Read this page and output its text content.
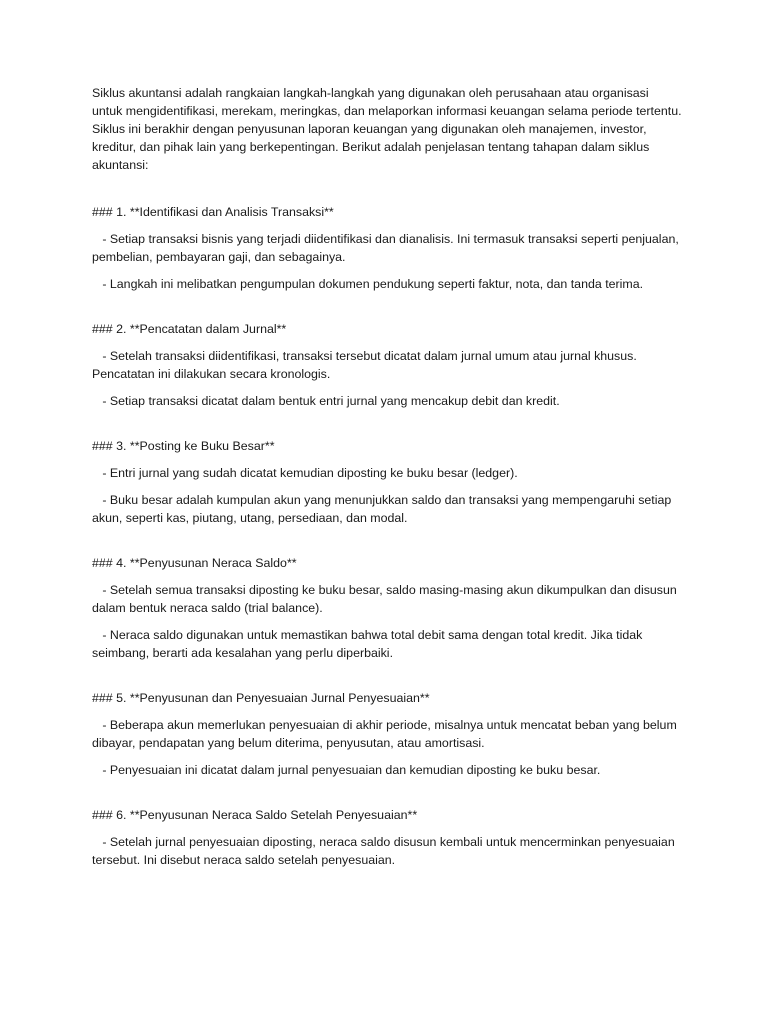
Siklus akuntansi adalah rangkaian langkah-langkah yang digunakan oleh perusahaan atau organisasi untuk mengidentifikasi, merekam, meringkas, dan melaporkan informasi keuangan selama periode tertentu. Siklus ini berakhir dengan penyusunan laporan keuangan yang digunakan oleh manajemen, investor, kreditur, dan pihak lain yang berkepentingan. Berikut adalah penjelasan tentang tahapan dalam siklus akuntansi:

### 1. **Identifikasi dan Analisis Transaksi**

- Setiap transaksi bisnis yang terjadi diidentifikasi dan dianalisis. Ini termasuk transaksi seperti penjualan, pembelian, pembayaran gaji, dan sebagainya.

- Langkah ini melibatkan pengumpulan dokumen pendukung seperti faktur, nota, dan tanda terima.

### 2. **Pencatatan dalam Jurnal**

- Setelah transaksi diidentifikasi, transaksi tersebut dicatat dalam jurnal umum atau jurnal khusus. Pencatatan ini dilakukan secara kronologis.

- Setiap transaksi dicatat dalam bentuk entri jurnal yang mencakup debit dan kredit.

### 3. **Posting ke Buku Besar**

- Entri jurnal yang sudah dicatat kemudian diposting ke buku besar (ledger).

- Buku besar adalah kumpulan akun yang menunjukkan saldo dan transaksi yang mempengaruhi setiap akun, seperti kas, piutang, utang, persediaan, dan modal.

### 4. **Penyusunan Neraca Saldo**

- Setelah semua transaksi diposting ke buku besar, saldo masing-masing akun dikumpulkan dan disusun dalam bentuk neraca saldo (trial balance).

- Neraca saldo digunakan untuk memastikan bahwa total debit sama dengan total kredit. Jika tidak seimbang, berarti ada kesalahan yang perlu diperbaiki.

### 5. **Penyusunan dan Penyesuaian Jurnal Penyesuaian**

- Beberapa akun memerlukan penyesuaian di akhir periode, misalnya untuk mencatat beban yang belum dibayar, pendapatan yang belum diterima, penyusutan, atau amortisasi.

- Penyesuaian ini dicatat dalam jurnal penyesuaian dan kemudian diposting ke buku besar.

### 6. **Penyusunan Neraca Saldo Setelah Penyesuaian**

- Setelah jurnal penyesuaian diposting, neraca saldo disusun kembali untuk mencerminkan penyesuaian tersebut. Ini disebut neraca saldo setelah penyesuaian.
